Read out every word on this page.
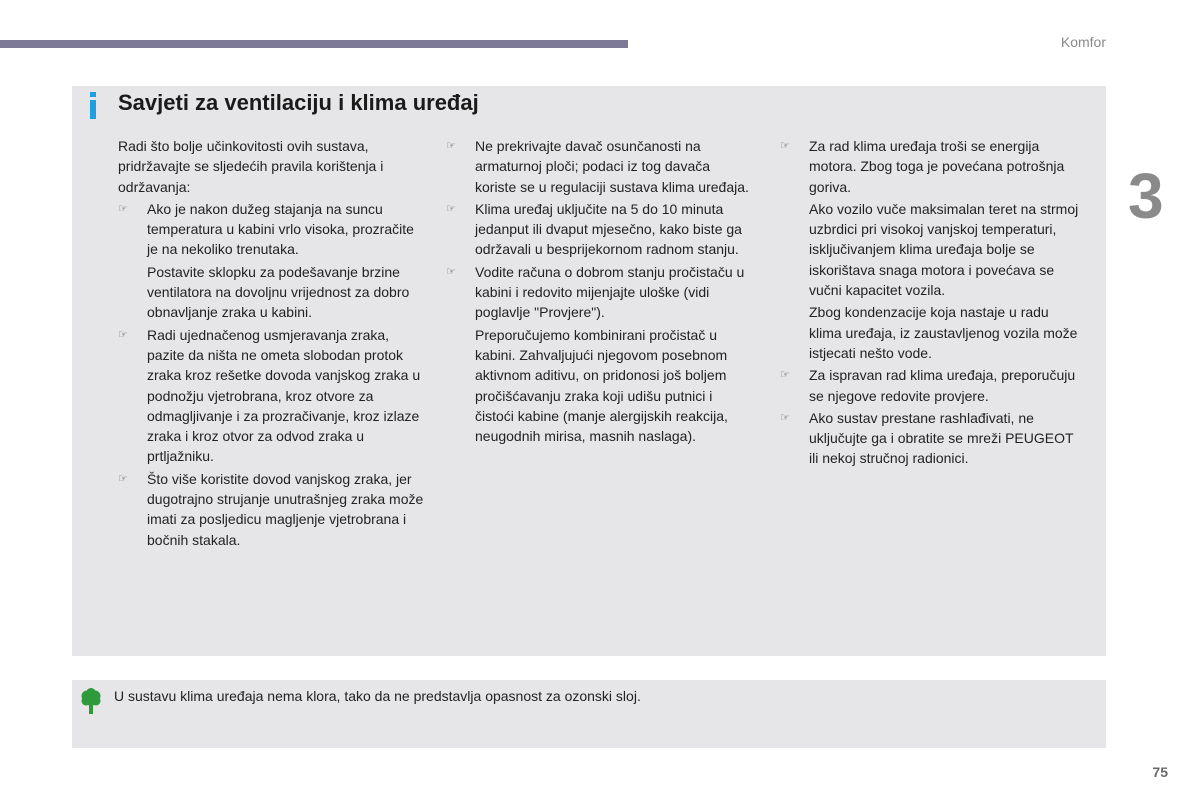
Komfor
3
75
Savjeti za ventilaciju i klima uređaj

Radi što bolje učinkovitosti ovih sustava, pridržavajte se sljedećih pravila korištenja i održavanja:

☞ Ako je nakon dužeg stajanja na suncu temperatura u kabini vrlo visoka, prozračite je na nekoliko trenutaka.

Postavite sklopku za podešavanje brzine ventilatora na dovoljnu vrijednost za dobro obnavljanje zraka u kabini.

☞ Radi ujednačenog usmjeravanja zraka, pazite da ništa ne ometa slobodan protok zraka kroz rešetke dovoda vanjskog zraka u podnožju vjetrobrana, kroz otvore za odmagljivanje i za prozračivanje, kroz izlaze zraka i kroz otvor za odvod zraka u prtljažniku.
☞ Što više koristite dovod vanjskog zraka, jer dugotrajno strujanje unutrašnjeg zraka može imati za posljedicu magljenje vjetrobrana i bočnih stakala.
☞ Ne prekrivajte davač osunčanosti na armaturnoj ploči; podaci iz tog davača koriste se u regulaciji sustava klima uređaja.
☞ Klima uređaj uključite na 5 do 10 minuta jedanput ili dvaput mjesečno, kako biste ga održavali u besprijekornom radnom stanju.
☞ Vodite računa o dobrom stanju pročistaču u kabini i redovito mijenjajte uloške (vidi poglavlje "Provjere").

Preporučujemo kombinirani pročistač u kabini. Zahvaljujući njegovom posebnom aktivnom aditivu, on pridonosi još boljem pročišćavanju zraka koji udišu putnici i čistoći kabine (manje alergijskih reakcija, neugodnih mirisa, masnih naslaga).

☞ Za rad klima uređaja troši se energija motora. Zbog toga je povećana potrošnja goriva.

Ako vozilo vuče maksimalan teret na strmoj uzbrdici pri visokoj vanjskoj temperaturi, isključivanjem klima uređaja bolje se iskorištava snaga motora i povećava se vučni kapacitet vozila.

Zbog kondenzacije koja nastaje u radu klima uređaja, iz zaustavljenog vozila može istjecati nešto vode.

☞ Za ispravan rad klima uređaja, preporučuju se njegove redovite provjere.
☞ Ako sustav prestane rashlađivati, ne uključujte ga i obratite se mreži PEUGEOT ili nekoj stručnoj radionici.
U sustavu klima uređaja nema klora, tako da ne predstavlja opasnost za ozonski sloj.
